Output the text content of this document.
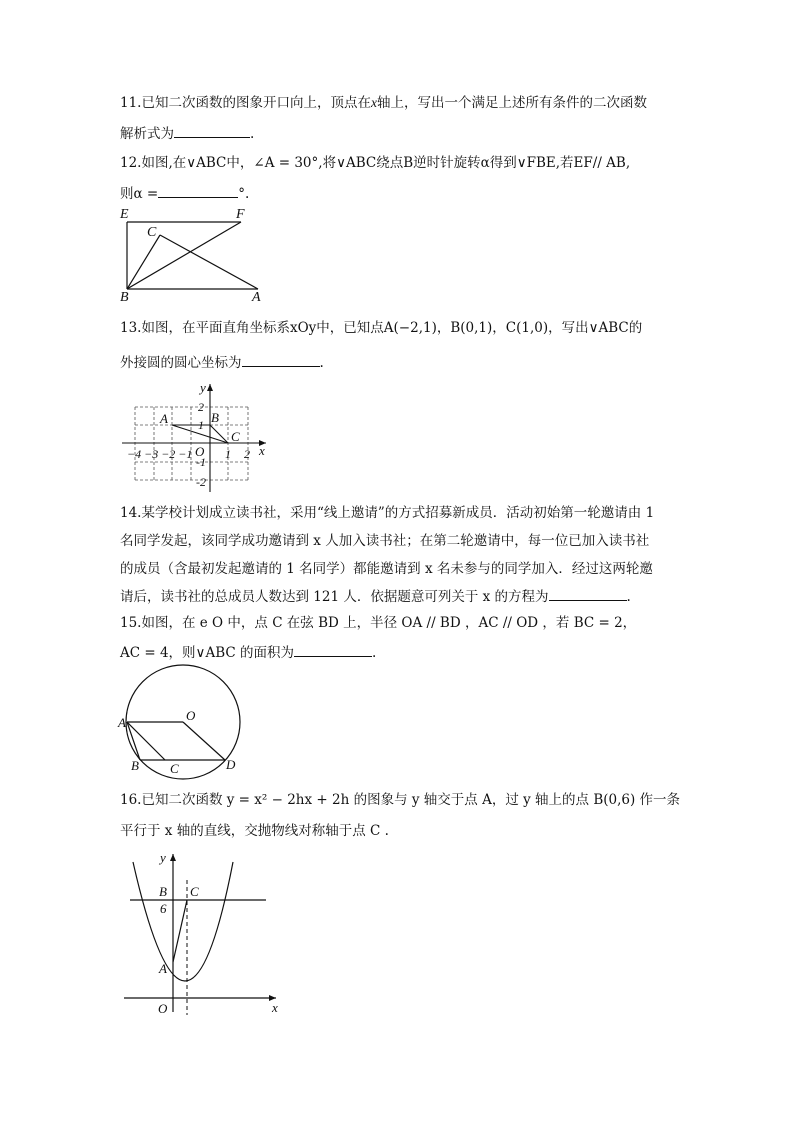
11.已知二次函数的图象开口向上，顶点在x轴上，写出一个满足上述所有条件的二次函数
解析式为	.
12.如图,在∨ABC中，∠A = 30°,将∨ABC绕点B逆时针旋转α得到∨FBE,若EF// AB,
则α =	°.
E	F
C
B	A
13.如图，在平面直角坐标系xOy中，已知点A(−2,1)，B(0,1)，C(1,0)，写出∨ABC的
外接圆的圆心坐标为	.
y
x
O
A	B
C
2
1
-1
-2
−4 −3 −2 −1	1 2
14.某学校计划成立读书社，采用“线上邀请”的方式招募新成员．活动初始第一轮邀请由 1
名同学发起，该同学成功邀请到 x 人加入读书社；在第二轮邀请中，每一位已加入读书社
的成员（含最初发起邀请的 1 名同学）都能邀请到 x 名未参与的同学加入．经过这两轮邀
请后，读书社的总成员人数达到 121 人．依据题意可列关于 x 的方程为	.
15.如图，在 e O 中，点 C 在弦 BD 上，半径 OA // BD ，AC // OD ，若 BC = 2，
AC = 4，则∨ABC 的面积为	.
O
A
B C	D
16.已知二次函数 y = x² − 2hx + 2h 的图象与 y 轴交于点 A，过 y 轴上的点 B(0,6) 作一条
平行于 x 轴的直线，交抛物线对称轴于点 C .
y
x
O
A
B C
6
